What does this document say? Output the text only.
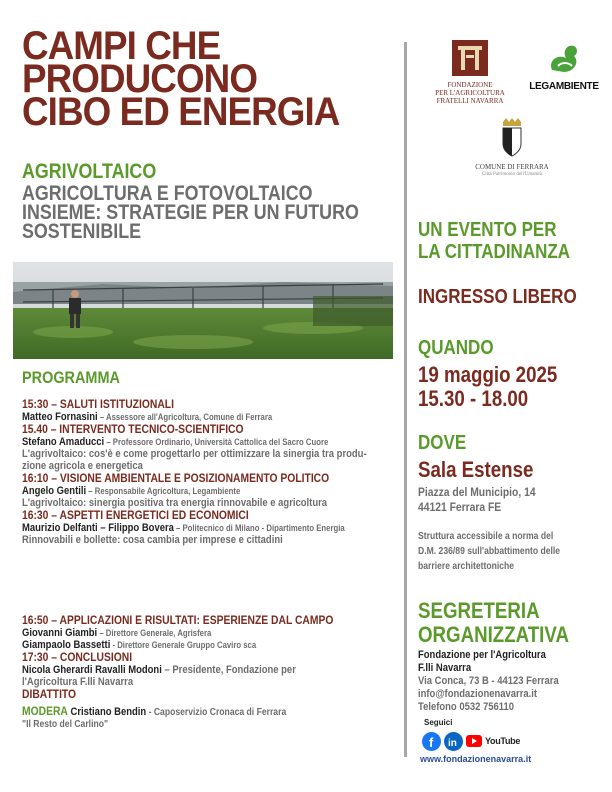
CAMPI CHE
PRODUCONO
CIBO ED ENERGIA
AGRIVOLTAICO
AGRICOLTURA E FOTOVOLTAICO
INSIEME: STRATEGIE PER UN FUTURO
SOSTENIBILE
PROGRAMMA
15:30 – SALUTI ISTITUZIONALI
Matteo Fornasini – Assessore all'Agricoltura, Comune di Ferrara
15.40 – INTERVENTO TECNICO-SCIENTIFICO
Stefano Amaducci – Professore Ordinario, Università Cattolica del Sacro Cuore
L'agrivoltaico: cos'è e come progettarlo per ottimizzare la sinergia tra produ-
zione agricola e energetica
16:10 – VISIONE AMBIENTALE E POSIZIONAMENTO POLITICO
Angelo Gentili – Responsabile Agricoltura, Legambiente
L'agrivoltaico: sinergia positiva tra energia rinnovabile e agricoltura
16:30 – ASPETTI ENERGETICI ED ECONOMICI
Maurizio Delfanti – Filippo Bovera – Politecnico di Milano - Dipartimento Energia
Rinnovabili e bollette: cosa cambia per imprese e cittadini
16:50 – APPLICAZIONI E RISULTATI: ESPERIENZE DAL CAMPO
Giovanni Giambi – Direttore Generale, Agrisfera
Giampaolo Bassetti - Direttore Generale Gruppo Caviro sca
17:30 – CONCLUSIONI
Nicola Gherardi Ravalli Modoni – Presidente, Fondazione per
l'Agricoltura F.lli Navarra
DIBATTITO
MODERA Cristiano Bendin - Caposervizio Cronaca di Ferrara
"Il Resto del Carlino"
FONDAZIONE
PER L'AGRICOLTURA
FRATELLI NAVARRA
LEGAMBIENTE
COMUNE DI FERRARA
Città Patrimonio dell'Umanità
UN EVENTO PER
LA CITTADINANZA
INGRESSO LIBERO
QUANDO
19 maggio 2025
15.30 - 18.00
DOVE
Sala Estense
Piazza del Municipio, 14
44121 Ferrara FE
Struttura accessibile a norma del
D.M. 236/89 sull'abbattimento delle
barriere architettoniche
SEGRETERIA
ORGANIZZATIVA
Fondazione per l'Agricoltura
F.lli Navarra
Via Conca, 73 B - 44123 Ferrara
info@fondazionenavarra.it
Telefono 0532 756110
Seguici
f in	YouTube
www.fondazionenavarra.it
